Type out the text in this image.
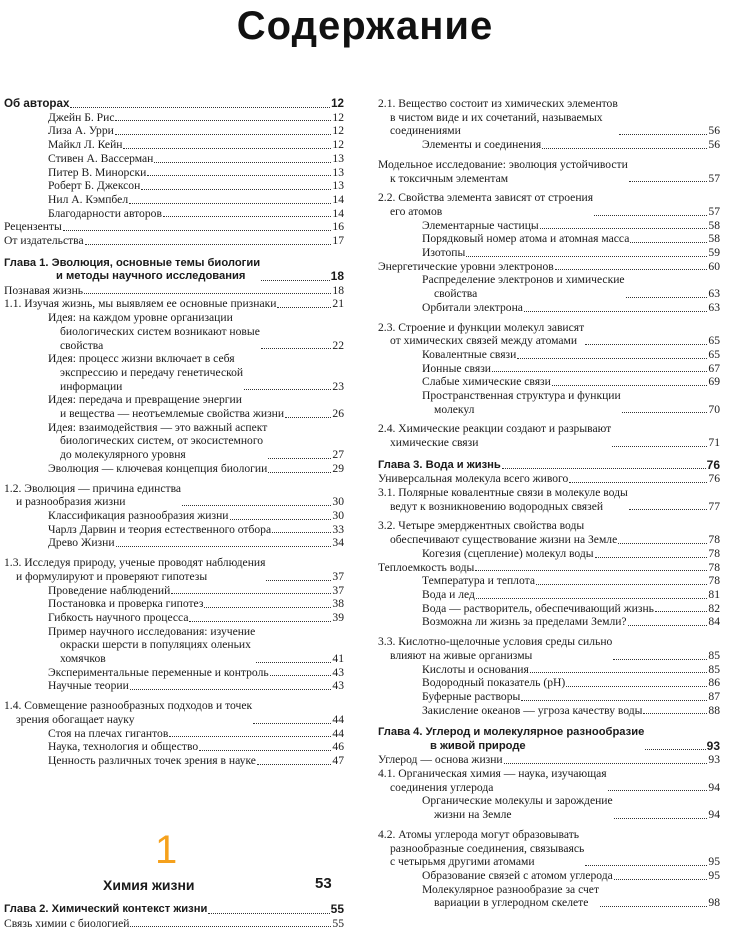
Содержание
Об авторах	12
Джейн Б. Рис	12
Лиза А. Урри	12
Майкл Л. Кейн	12
Стивен А. Вассерман	13
Питер В. Минорски	13
Роберт Б. Джексон	13
Нил А. Кэмпбел	14
Благодарности авторов	14
Рецензенты	16
От издательства	17
Глава 1. Эволюция, основные темы биологии
и методы научного исследования	18
Познавая жизнь	18
1.1. Изучая жизнь, мы выявляем ее основные признаки	21
Идея: на каждом уровне организации
биологических систем возникают новые
свойства	22
Идея: процесс жизни включает в себя
экспрессию и передачу генетической
информации	23
Идея: передача и превращение энергии
и вещества — неотъемлемые свойства жизни	26
Идея: взаимодействия — это важный аспект
биологических систем, от экосистемного
до молекулярного уровня	27
Эволюция — ключевая концепция биологии	29
1.2. Эволюция — причина единства
и разнообразия жизни	30
Классификация разнообразия жизни	30
Чарлз Дарвин и теория естественного отбора	33
Древо Жизни	34
1.3. Исследуя природу, ученые проводят наблюдения
и формулируют и проверяют гипотезы	37
Проведение наблюдений	37
Постановка и проверка гипотез	38
Гибкость научного процесса	39
Пример научного исследования: изучение
окраски шерсти в популяциях оленьих
хомячков	41
Экспериментальные переменные и контроль	43
Научные теории	43
1.4. Совмещение разнообразных подходов и точек
зрения обогащает науку	44
Стоя на плечах гигантов	44
Наука, технология и общество	46
Ценность различных точек зрения в науке	47
2.1. Вещество состоит из химических элементов
в чистом виде и их сочетаний, называемых
соединениями	56
Элементы и соединения	56
Модельное исследование: эволюция устойчивости
к токсичным элементам	57
2.2. Свойства элемента зависят от строения
его атомов	57
Элементарные частицы	58
Порядковый номер атома и атомная масса	58
Изотопы	59
Энергетические уровни электронов	60
Распределение электронов и химические
свойства	63
Орбитали электрона	63
2.3. Строение и функции молекул зависят
от химических связей между атомами	65
Ковалентные связи	65
Ионные связи	67
Слабые химические связи	69
Пространственная структура и функции
молекул	70
2.4. Химические реакции создают и разрывают
химические связи	71
Глава 3. Вода и жизнь	76
Универсальная молекула всего живого	76
3.1. Полярные ковалентные связи в молекуле воды
ведут к возникновению водородных связей	77
3.2. Четыре эмерджентных свойства воды
обеспечивают существование жизни на Земле	78
Когезия (сцепление) молекул воды	78
Теплоемкость воды	78
Температура и теплота	78
Вода и лед	81
Вода — растворитель, обеспечивающий жизнь	82
Возможна ли жизнь за пределами Земли?	84
3.3. Кислотно-щелочные условия среды сильно
влияют на живые организмы	85
Кислоты и основания	85
Водородный показатель (pH)	86
Буферные растворы	87
Закисление океанов — угроза качеству воды	88
Глава 4. Углерод и молекулярное разнообразие
в живой природе	93
Углерод — основа жизни	93
4.1. Органическая химия — наука, изучающая
соединения углерода	94
Органические молекулы и зарождение
жизни на Земле	94
4.2. Атомы углерода могут образовывать
разнообразные соединения, связываясь
с четырьмя другими атомами	95
Образование связей с атомом углерода	95
Молекулярное разнообразие за счет
вариации в углеродном скелете	98
1
Химия жизни	53
Глава 2. Химический контекст жизни	55
Связь химии с биологией	55
